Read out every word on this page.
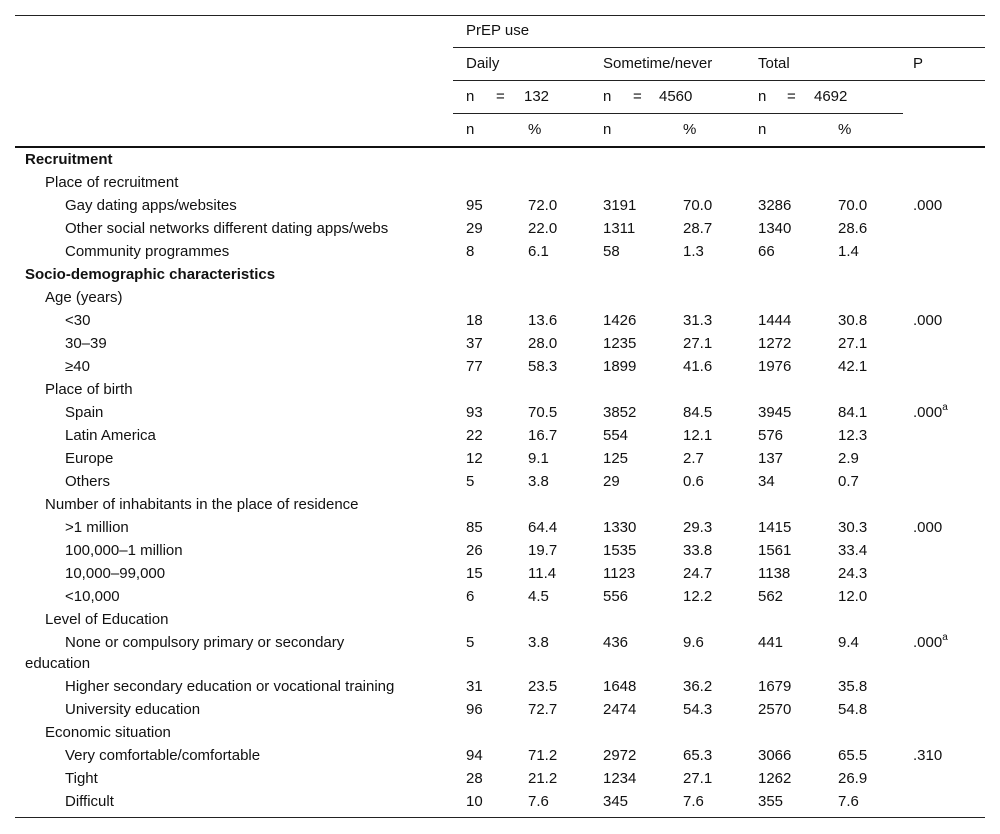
PrEP use
Daily	Sometime/never	Total	P
n = 132	n = 4560	n = 4692
n	%	n	%	n	%
Recruitment
Place of recruitment
Gay dating apps/websites	95	72.0	3191	70.0	3286	70.0	.000
Other social networks different dating apps/webs	29	22.0	1311	28.7	1340	28.6
Community programmes	8	6.1	58	1.3	66	1.4
Socio-demographic characteristics
Age (years)
<30	18	13.6	1426	31.3	1444	30.8	.000
30–39	37	28.0	1235	27.1	1272	27.1
≥40	77	58.3	1899	41.6	1976	42.1
Place of birth
Spain	93	70.5	3852	84.5	3945	84.1	.000$^a$
Latin America	22	16.7	554	12.1	576	12.3
Europe	12	9.1	125	2.7	137	2.9
Others	5	3.8	29	0.6	34	0.7
Number of inhabitants in the place of residence
>1 million	85	64.4	1330	29.3	1415	30.3	.000
100,000–1 million	26	19.7	1535	33.8	1561	33.4
10,000–99,000	15	11.4	1123	24.7	1138	24.3
<10,000	6	4.5	556	12.2	562	12.0
Level of Education
None or compulsory primary or secondary	5	3.8	436	9.6	441	9.4	.000$^a$
education
Higher secondary education or vocational training	31	23.5	1648	36.2	1679	35.8
University education	96	72.7	2474	54.3	2570	54.8
Economic situation
Very comfortable/comfortable	94	71.2	2972	65.3	3066	65.5	.310
Tight	28	21.2	1234	27.1	1262	26.9
Difficult	10	7.6	345	7.6	355	7.6
